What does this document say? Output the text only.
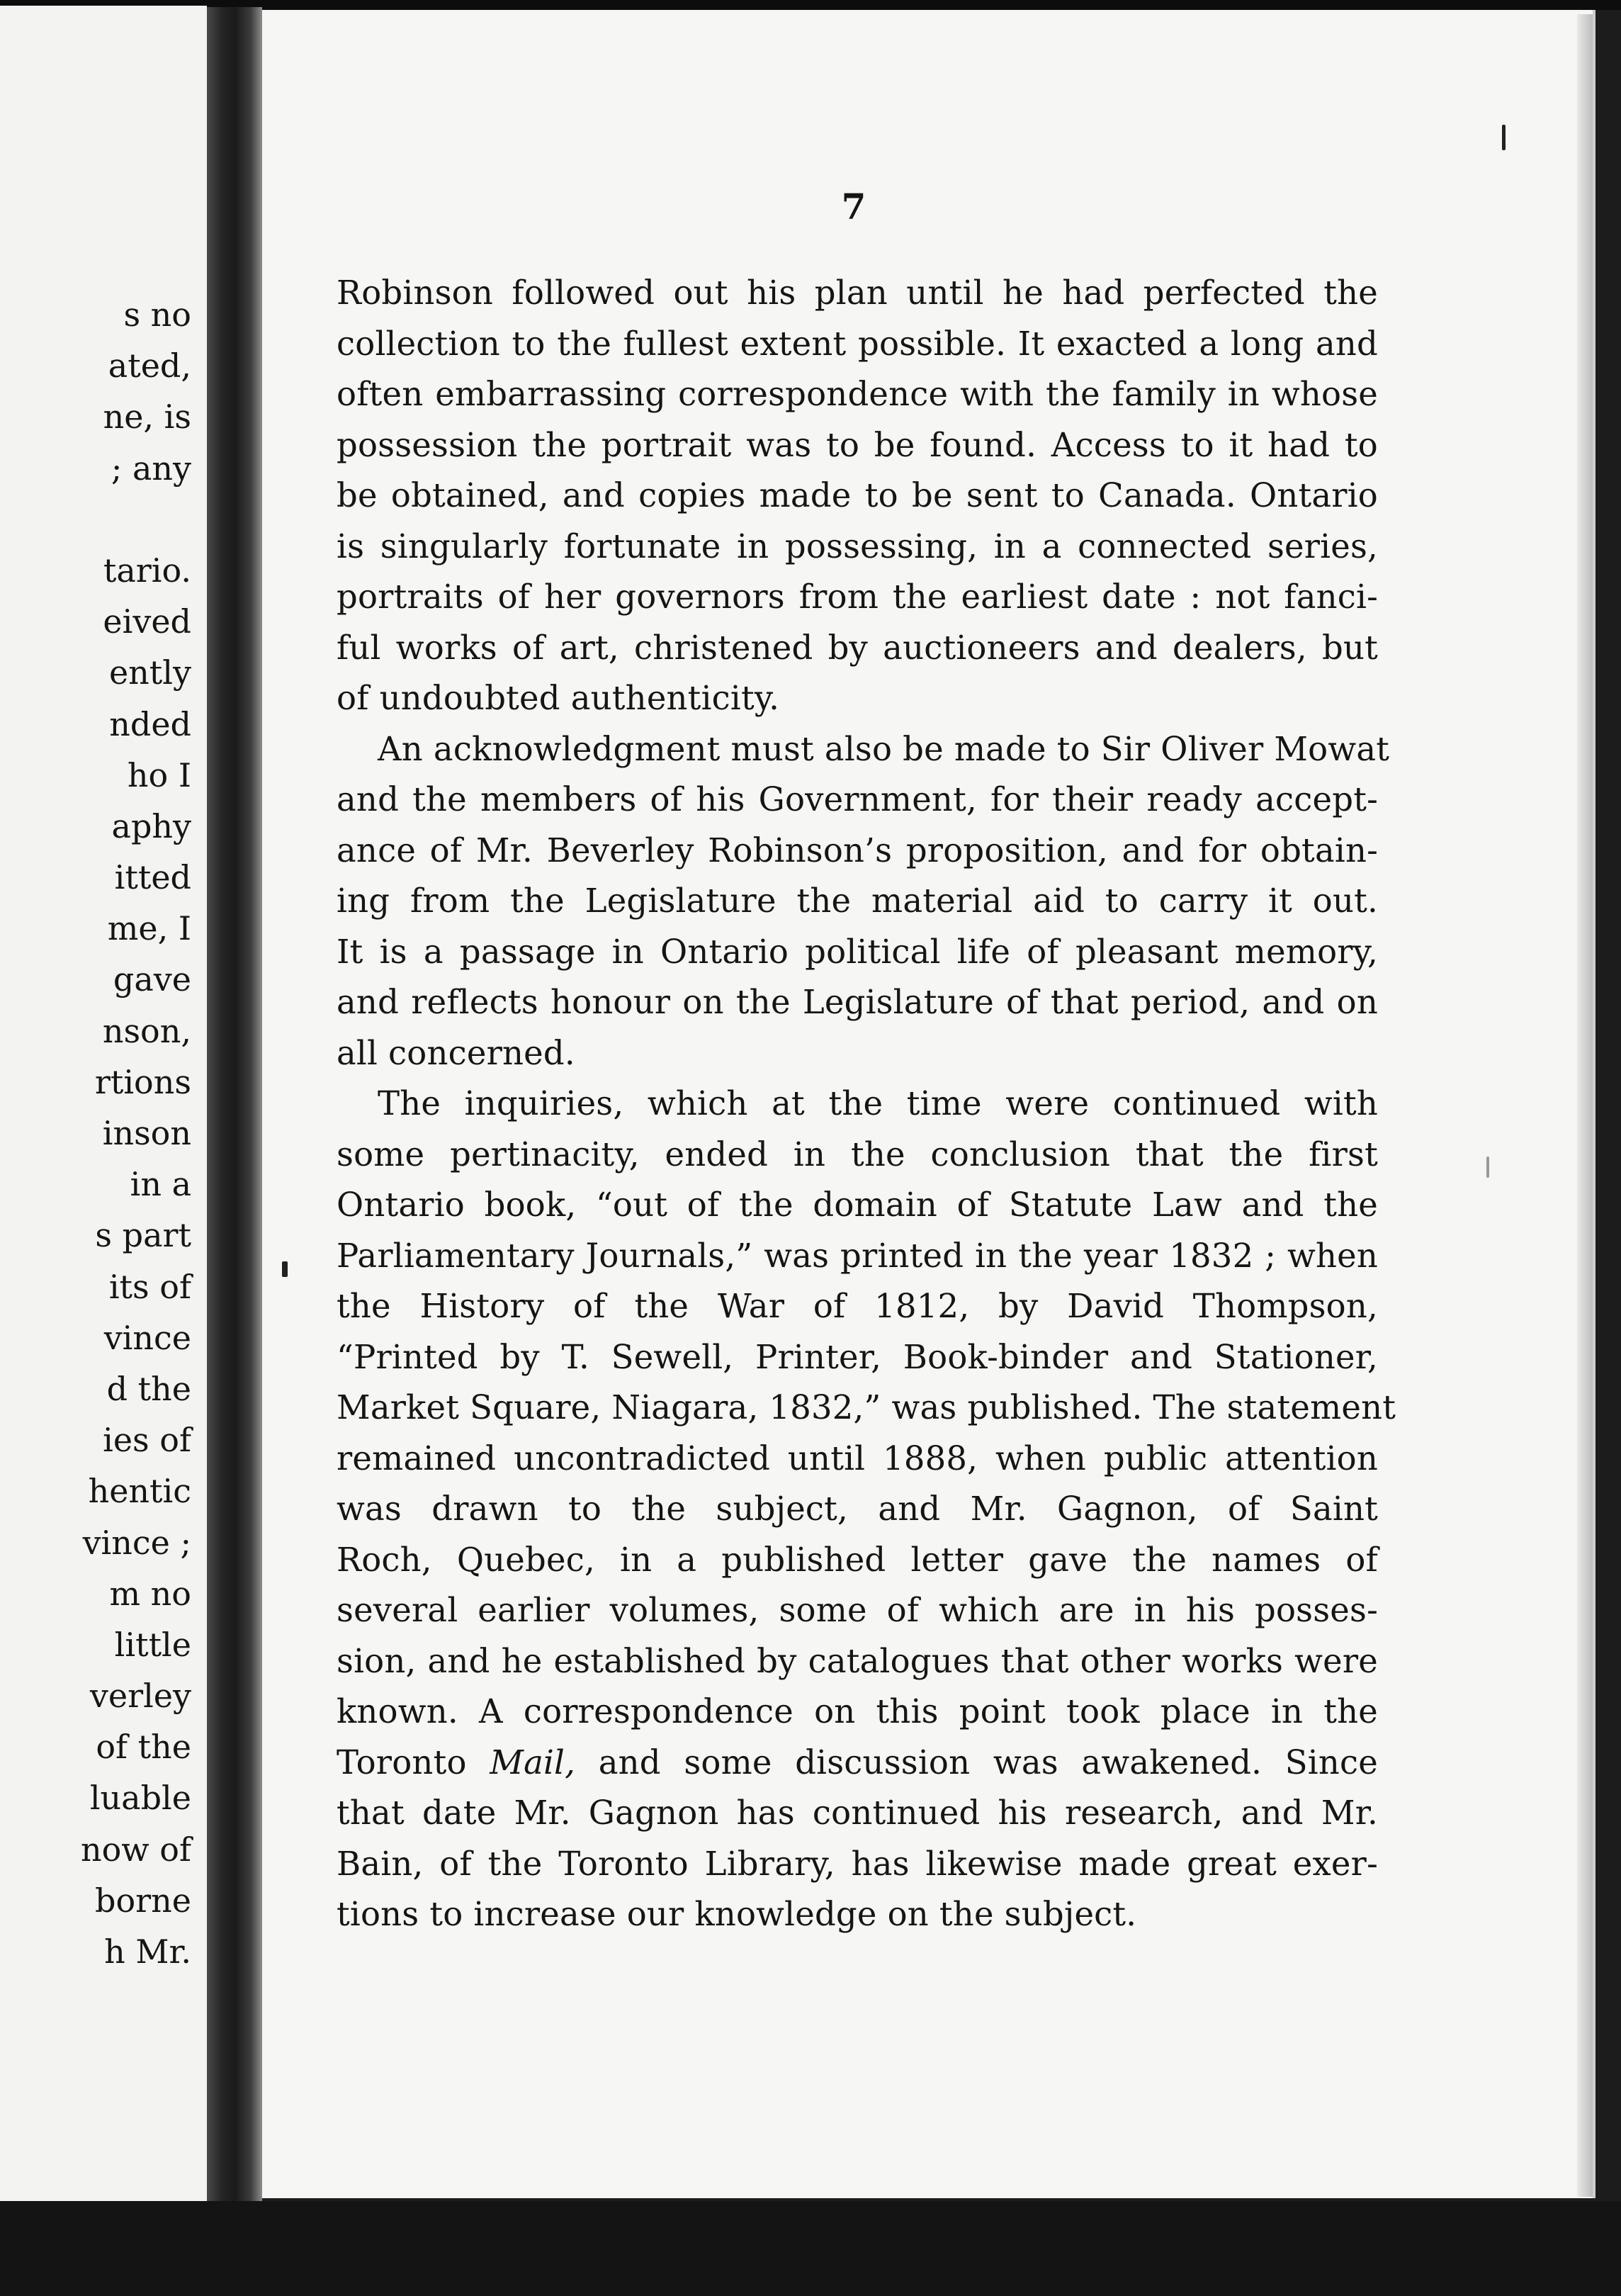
s no
ated,
ne, is
; any
tario.
eived
ently
nded
ho I
aphy
itted
me, I
gave
nson,
rtions
inson
in a
s part
its of
vince
d the
ies of
hentic
vince ;
m no
little
verley
of the
luable
now of
borne
h Mr.
7
Robinson followed out his plan until he had perfected the
collection to the fullest extent possible. It exacted a long and
often embarrassing correspondence with the family in whose
possession the portrait was to be found. Access to it had to
be obtained, and copies made to be sent to Canada. Ontario
is singularly fortunate in possessing, in a connected series,
portraits of her governors from the earliest date : not fanci-
ful works of art, christened by auctioneers and dealers, but
of undoubted authenticity.
An acknowledgment must also be made to Sir Oliver Mowat
and the members of his Government, for their ready accept-
ance of Mr. Beverley Robinson’s proposition, and for obtain-
ing from the Legislature the material aid to carry it out.
It is a passage in Ontario political life of pleasant memory,
and reflects honour on the Legislature of that period, and on
all concerned.
The inquiries, which at the time were continued with
some pertinacity, ended in the conclusion that the first
Ontario book, “out of the domain of Statute Law and the
Parliamentary Journals,” was printed in the year 1832 ; when
the History of the War of 1812, by David Thompson,
“Printed by T. Sewell, Printer, Book-binder and Stationer,
Market Square, Niagara, 1832,” was published. The statement
remained uncontradicted until 1888, when public attention
was drawn to the subject, and Mr. Gagnon, of Saint
Roch, Quebec, in a published letter gave the names of
several earlier volumes, some of which are in his posses-
sion, and he established by catalogues that other works were
known. A correspondence on this point took place in the
Toronto Mail, and some discussion was awakened. Since
that date Mr. Gagnon has continued his research, and Mr.
Bain, of the Toronto Library, has likewise made great exer-
tions to increase our knowledge on the subject.
